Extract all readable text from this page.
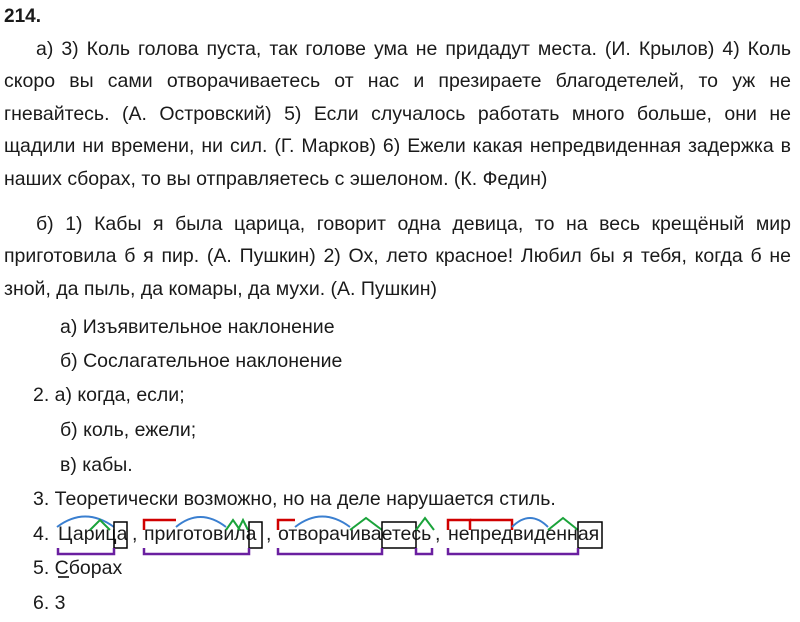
214.

а) 3) Коль голова пуста, так голове ума не придадут места. (И. Крылов) 4) Коль скоро вы сами отворачиваетесь от нас и презираете благодетелей, то уж не гневайтесь. (А. Островский) 5) Если случалось работать много больше, они не щадили ни времени, ни сил. (Г. Марков) 6) Ежели какая непредвиденная задержка в наших сборах, то вы отправляетесь с эшелоном. (К. Федин)

б) 1) Кабы я была царица, говорит одна девица, то на весь крещёный мир приготовила б я пир. (А. Пушкин) 2) Ох, лето красное! Любил бы я тебя, когда б не зной, да пыль, да комары, да мухи. (А. Пушкин)

а) Изъявительное наклонение
б) Сослагательное наклонение
2. а) когда, если;
б) коль, ежели;
в) кабы.
3. Теоретически возможно, но на деле нарушается стиль.
4. Царица , приготовила , отворачиваетесь , непредвиденная
5. Сборах
6. 3
